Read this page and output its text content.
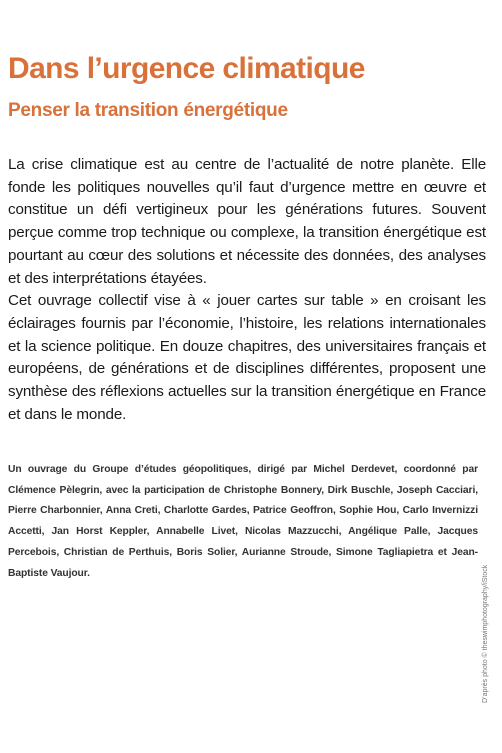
Dans l’urgence climatique
Penser la transition énergétique

La crise climatique est au centre de l’actualité de notre planète. Elle fonde les politiques nouvelles qu’il faut d’urgence mettre en œuvre et constitue un défi vertigineux pour les générations futures. Souvent perçue comme trop technique ou complexe, la transition énergétique est pourtant au cœur des solutions et nécessite des données, des analyses et des interprétations étayées.

Cet ouvrage collectif vise à « jouer cartes sur table » en croisant les éclairages fournis par l’économie, l’histoire, les relations internationales et la science politique. En douze chapitres, des universitaires français et européens, de générations et de disciplines différentes, proposent une synthèse des réflexions actuelles sur la transition énergétique en France et dans le monde.

Un ouvrage du Groupe d’études géopolitiques, dirigé par Michel Derdevet, coordonné par Clémence Pèlegrin, avec la participation de Christophe Bonnery, Dirk Buschle, Joseph Cacciari, Pierre Charbonnier, Anna Creti, Charlotte Gardes, Patrice Geoffron, Sophie Hou, Carlo Invernizzi Accetti, Jan Horst Keppler, Annabelle Livet, Nicolas Mazzucchi, Angélique Palle, Jacques Percebois, Christian de Perthuis, Boris Solier, Aurianne Stroude, Simone Tagliapietra et Jean-Baptiste Vaujour.	D’après photo © theswimphotography/iStock
